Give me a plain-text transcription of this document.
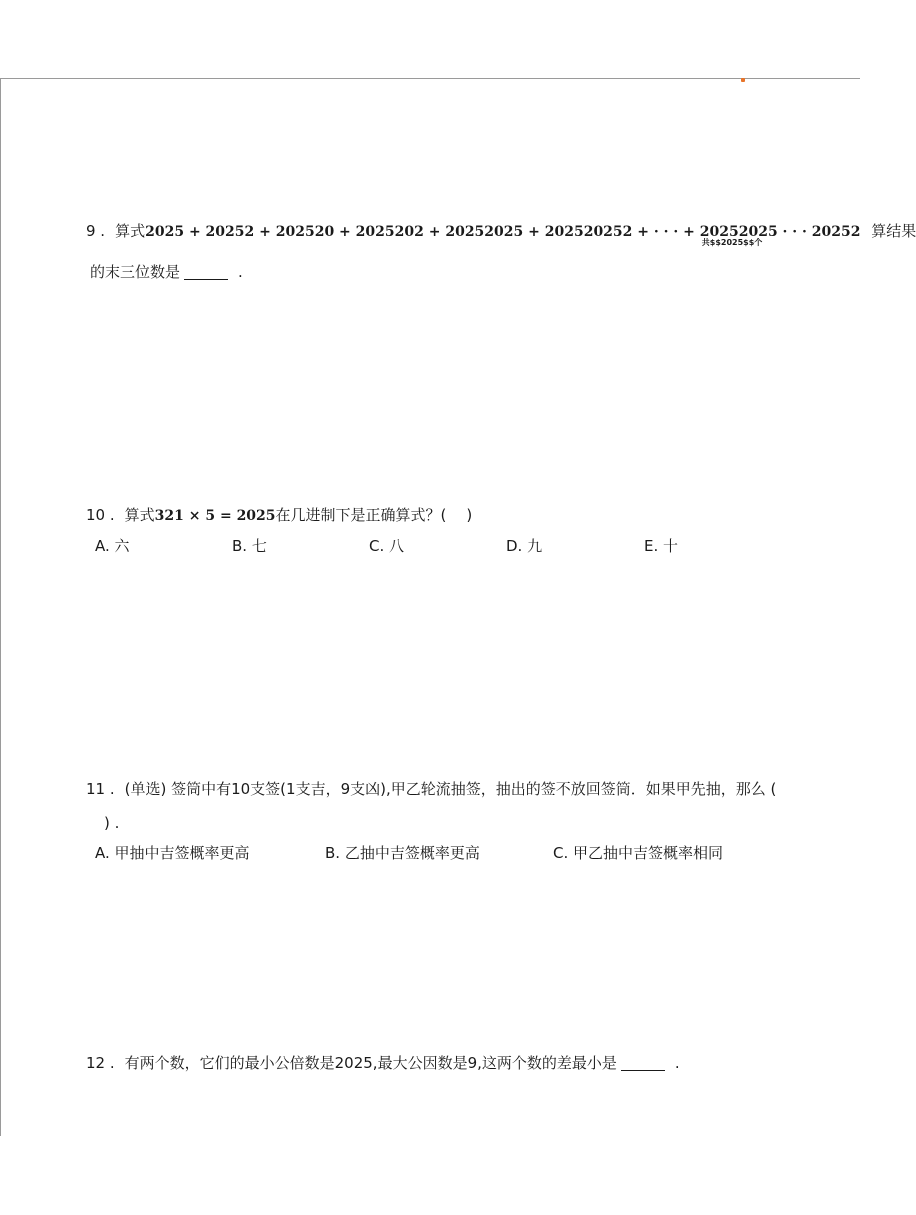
9 . 算式2025 + 20252 + 202520 + 2025202 + 20252025 + 202520252 + · · · + 20252025 · · · 20252
共$$2025$$个
算结果
的末三位数是	.
10 . 算式321 × 5 = 2025在几进制下是正确算式？( )
A. 六	B. 七	C. 八	D. 九	E. 十
11 . (单选) 签筒中有10支签(1支吉，9支凶),甲乙轮流抽签，抽出的签不放回签筒．如果甲先抽，那么 (
) .
A. 甲抽中吉签概率更高	B. 乙抽中吉签概率更高	C. 甲乙抽中吉签概率相同
12 . 有两个数，它们的最小公倍数是2025,最大公因数是9,这两个数的差最小是	.
